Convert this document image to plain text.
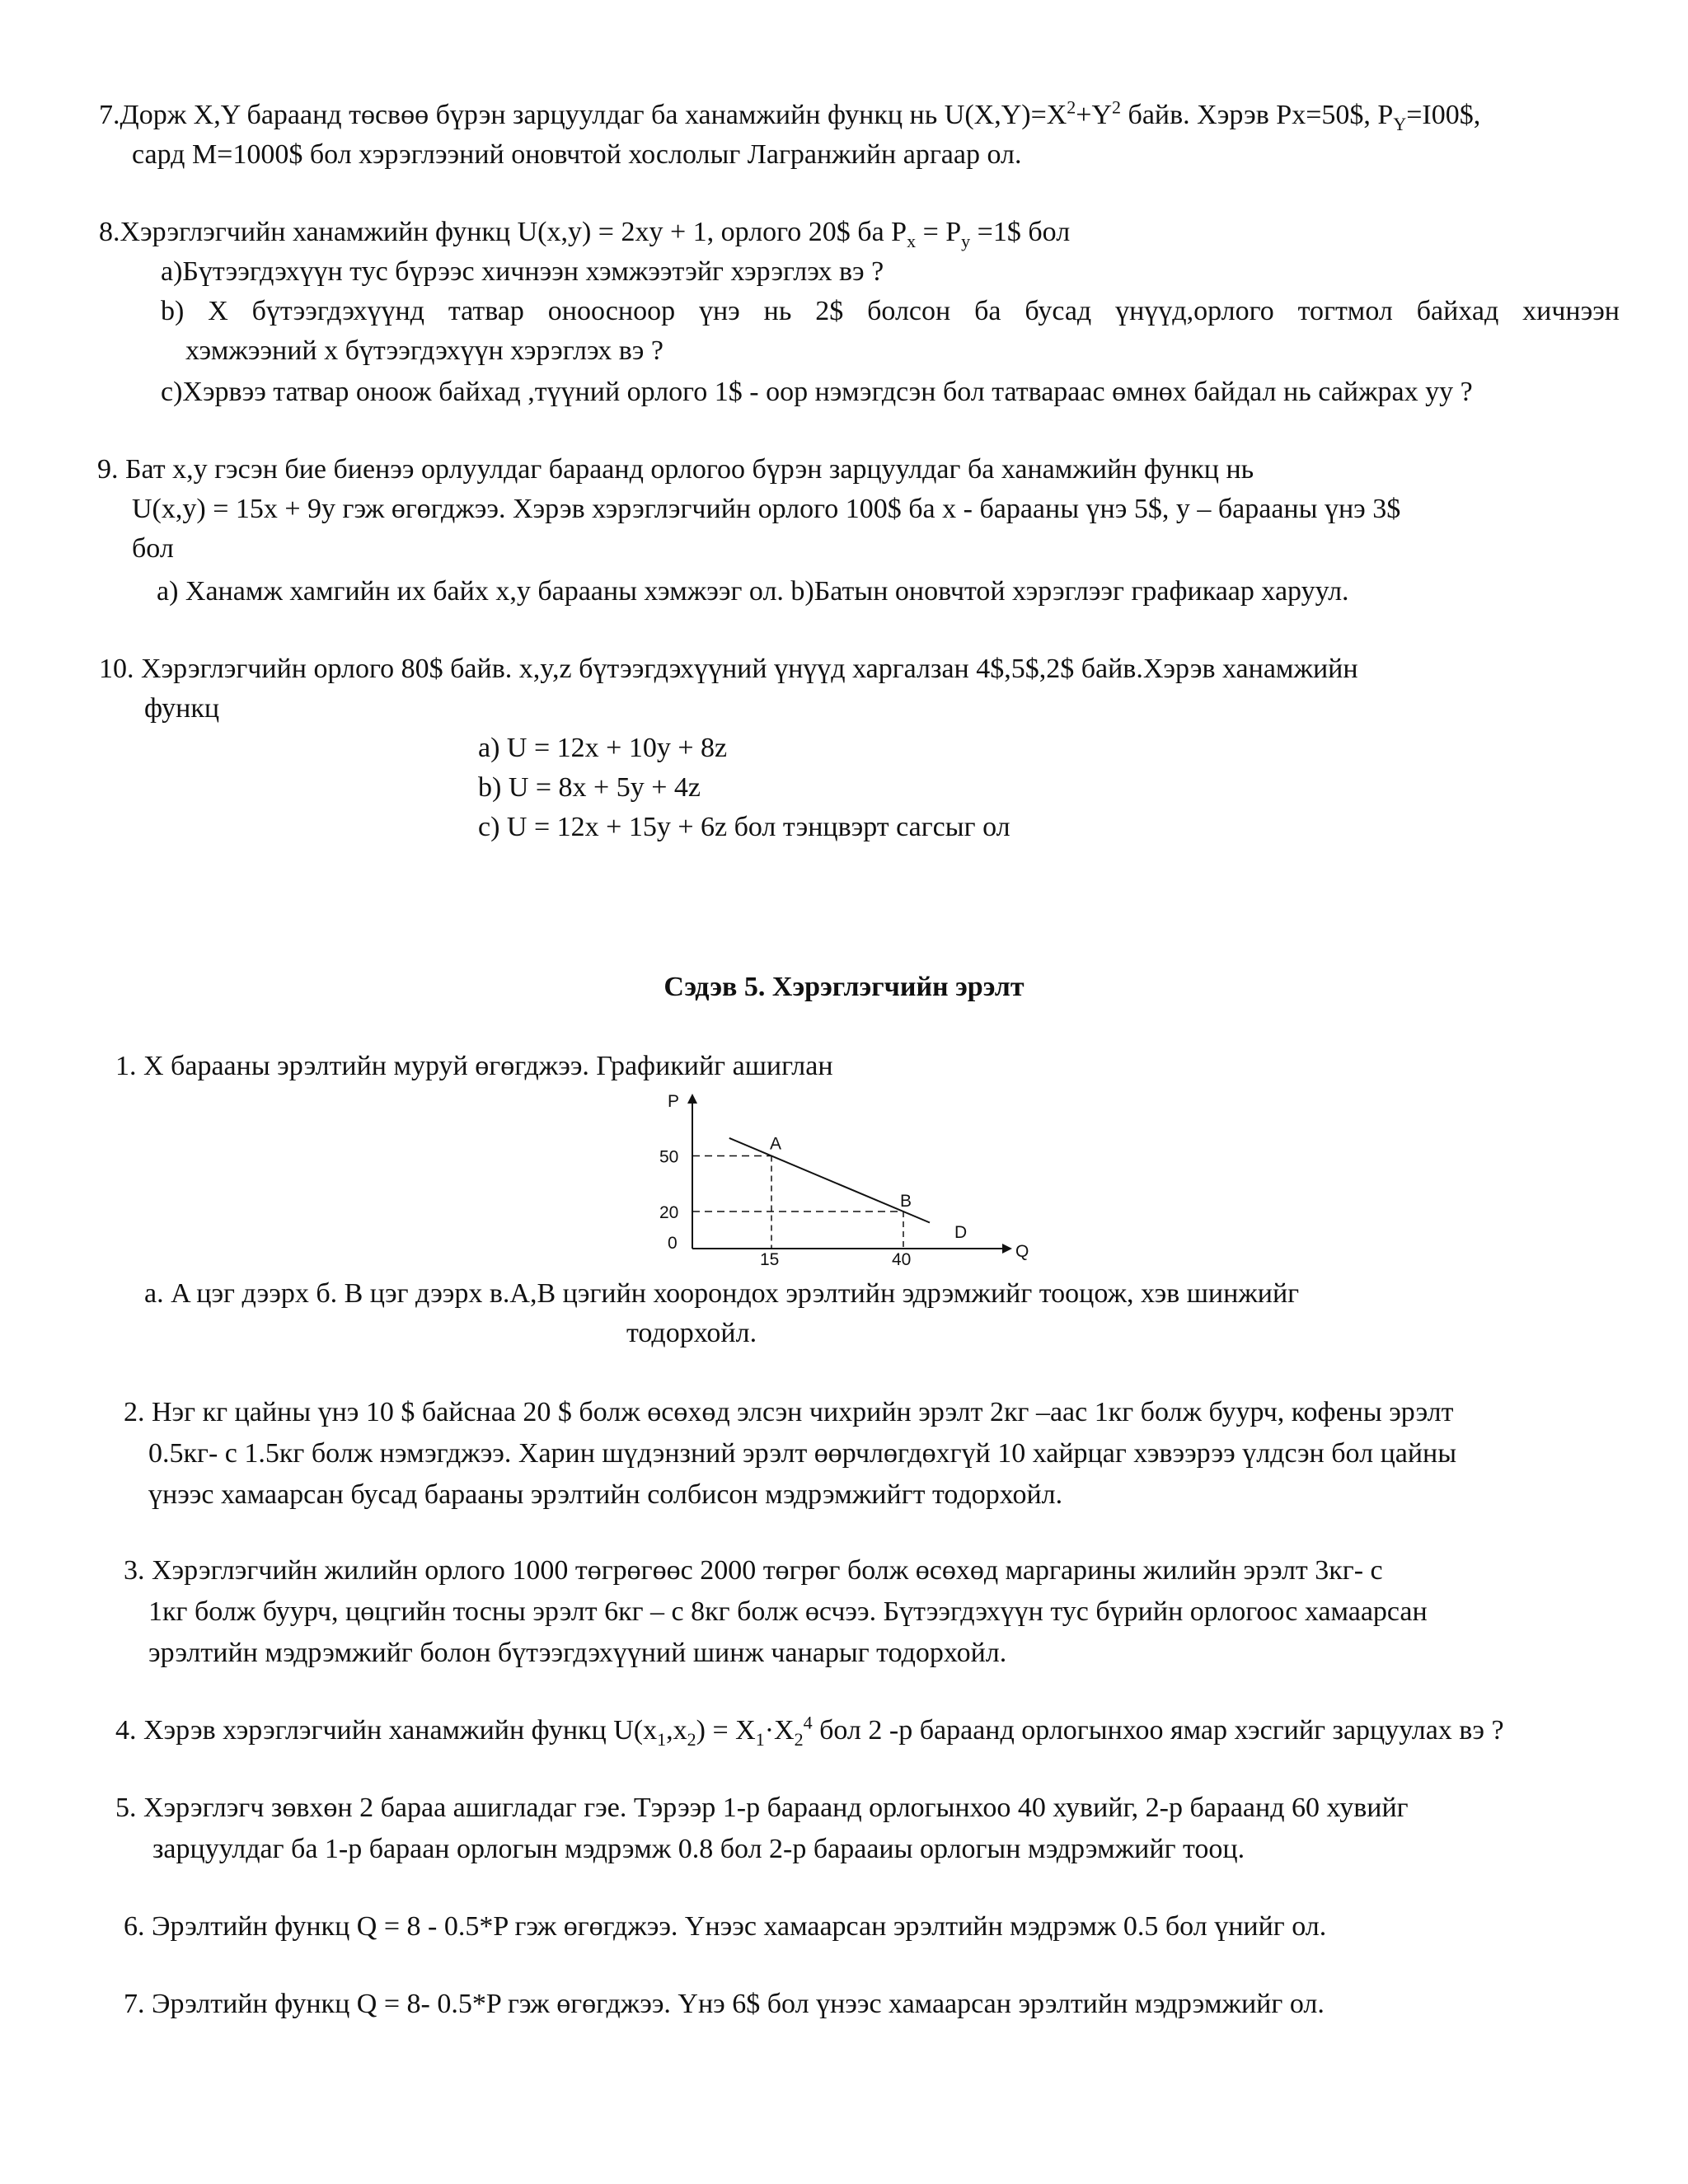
7.Дорж X,Y бараанд төсвөө бүрэн зарцуулдаг ба ханамжийн функц нь $U(X,Y)=X^2+Y^2$ байв. Хэрэв Px=50$, $P_Y=I00\$$,
сард M=1000$ бол хэрэглээний оновчтой хослолыг Лагранжийн аргаар ол.
8.Хэрэглэгчийн ханамжийн функц U(x,y) = 2xy + 1, орлого 20$ ба $P_x = P_y$ =1$ бол
а)Бүтээгдэхүүн тус бүрээс хичнээн хэмжээтэйг хэрэглэх вэ ?
b) X бүтээгдэхүүнд татвар оноосноор үнэ нь 2$ болсон ба бусад үнүүд,орлого тогтмол байхад хичнээн
хэмжээний x бүтээгдэхүүн хэрэглэх вэ ?
c)Хэрвээ татвар оноож байхад ,түүний орлого 1$ - оор нэмэгдсэн бол татвараас өмнөх байдал нь сайжрах уу ?
9. Бат x,y гэсэн бие биенээ орлуулдаг бараанд орлогоо бүрэн зарцуулдаг ба ханамжийн функц нь
U(x,y) = 15x + 9y гэж өгөгджээ. Хэрэв хэрэглэгчийн орлого 100$ ба x - барааны үнэ 5$, y – барааны үнэ 3$
бол
а) Ханамж хамгийн их байх x,y барааны хэмжээг ол. b)Батын оновчтой хэрэглээг графикаар харуул.
10. Хэрэглэгчийн орлого 80$ байв. x,y,z бүтээгдэхүүний үнүүд харгалзан 4$,5$,2$ байв.Хэрэв ханамжийн
функц
a) U = 12x + 10y + 8z
b) U = 8x + 5y + 4z
c) U = 12x + 15y + 6z бол тэнцвэрт сагсыг ол
Сэдэв 5. Хэрэглэгчийн эрэлт
1. X барааны эрэлтийн муруй өгөгджээ. Графикийг ашиглан
P
Q
0
50
20
15	40
A
B
D
а. A цэг дээрх б. B цэг дээрх в.A,B цэгийн хоорондох эрэлтийн эдрэмжийг тооцож, хэв шинжийг
тодорхойл.
2. Нэг кг цайны үнэ 10 $ байснаа 20 $ болж өсөхөд элсэн чихрийн эрэлт 2кг –аас 1кг болж буурч, кофены эрэлт
0.5кг- с 1.5кг болж нэмэгджээ. Харин шүдэнзний эрэлт өөрчлөгдөхгүй 10 хайрцаг хэвээрээ үлдсэн бол цайны
үнээс хамаарсан бусад барааны эрэлтийн солбисон мэдрэмжийгт тодорхойл.
3. Хэрэглэгчийн жилийн орлого 1000 төгрөгөөс 2000 төгрөг болж өсөхөд маргарины жилийн эрэлт 3кг- с
1кг болж буурч, цөцгийн тосны эрэлт 6кг – с 8кг болж өсчээ. Бүтээгдэхүүн тус бүрийн орлогоос хамаарсан
эрэлтийн мэдрэмжийг болон бүтээгдэхүүний шинж чанарыг тодорхойл.
4. Хэрэв хэрэглэгчийн ханамжийн функц $U(x_1,x_2) = X_1\cdot X_2^4$ бол 2 -р бараанд орлогынхоо ямар хэсгийг зарцуулах вэ ?
5. Хэрэглэгч зөвхөн 2 бараа ашигладаг гэе. Тэрээр 1-р бараанд орлогынхоо 40 хувийг, 2-р бараанд 60 хувийг
зарцуулдаг ба 1-р бараан орлогын мэдрэмж 0.8 бол 2-р бараaиы орлогын мэдрэмжийг тооц.
6. Эрэлтийн функц Q = 8 - 0.5*P гэж өгөгджээ. Үнээс хамаарсан эрэлтийн мэдрэмж 0.5 бол үнийг ол.
7. Эрэлтийн функц Q = 8- 0.5*P гэж өгөгджээ. Үнэ 6$ бол үнээс хамаарсан эрэлтийн мэдрэмжийг ол.
